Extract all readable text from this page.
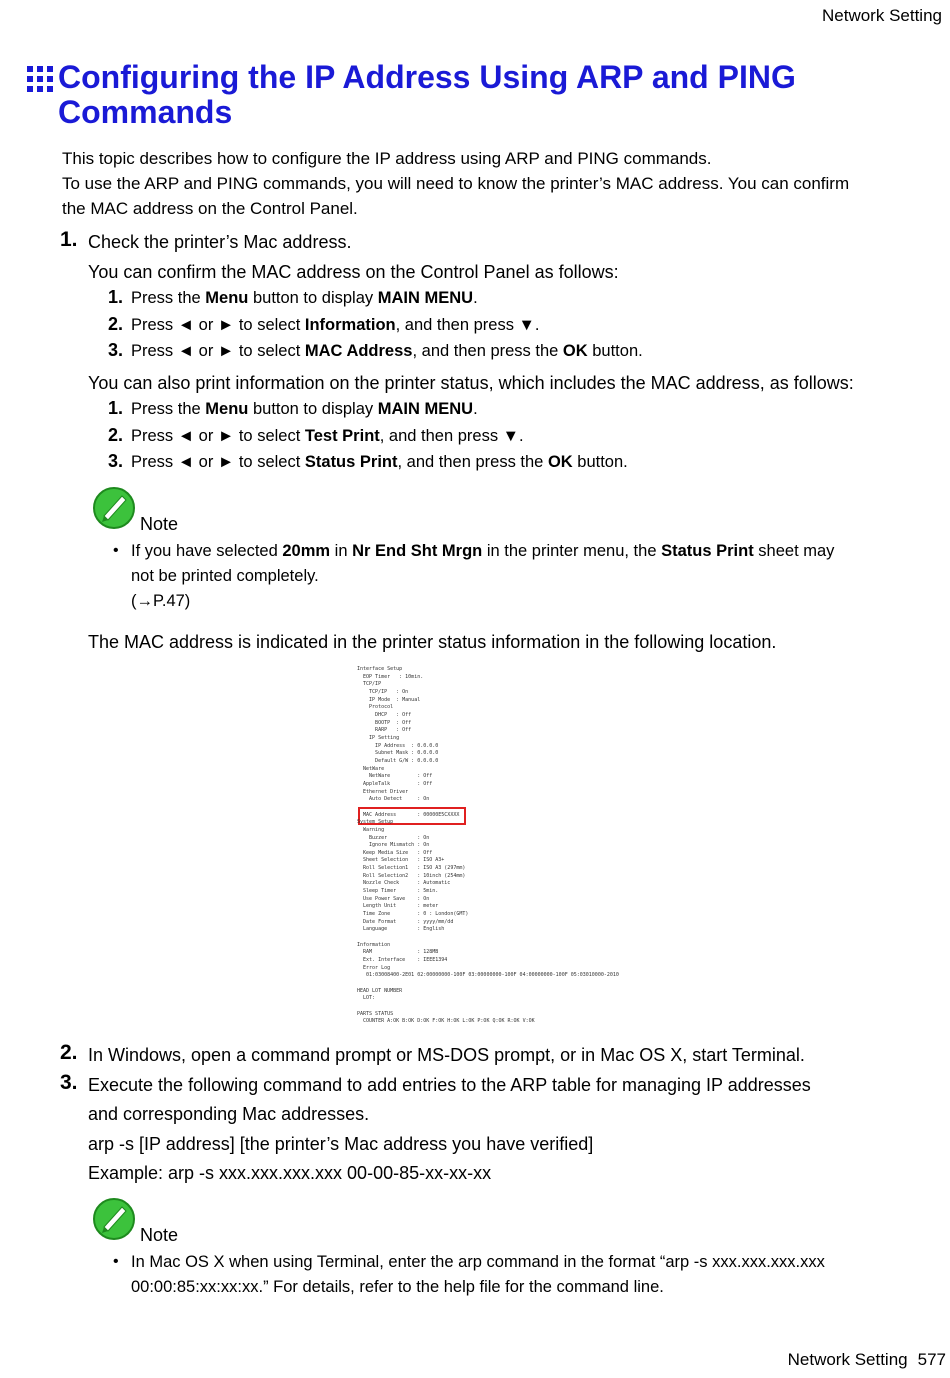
Network Setting
Configuring the IP Address Using ARP and PING
Commands
This topic describes how to configure the IP address using ARP and PING commands.
To use the ARP and PING commands, you will need to know the printer’s MAC address. You can confirm
the MAC address on the Control Panel.
1. Check the printer’s Mac address.
You can confirm the MAC address on the Control Panel as follows:
1. Press the Menu button to display MAIN MENU.
2. Press ◄ or ► to select Information, and then press ▼.
3. Press ◄ or ► to select MAC Address, and then press the OK button.
You can also print information on the printer status, which includes the MAC address, as follows:
1. Press the Menu button to display MAIN MENU.
2. Press ◄ or ► to select Test Print, and then press ▼.
3. Press ◄ or ► to select Status Print, and then press the OK button.
Note
• If you have selected 20mm in Nr End Sht Mrgn in the printer menu, the Status Print sheet may
not be printed completely.
(→P.47)
The MAC address is indicated in the printer status information in the following location.
Interface Setup
EOP Timer   : 10min.
TCP/IP
TCP/IP   : On
IP Mode  : Manual
Protocol
DHCP   : Off
BOOTP  : Off
RARP   : Off
IP Setting
IP Address  : 0.0.0.0
Subnet Mask : 0.0.0.0
Default G/W : 0.0.0.0
NetWare
NetWare         : Off
AppleTalk         : Off
Ethernet Driver
Auto Detect     : On
MAC Address       : 00000E5CXXXX
System Setup
Warning
Buzzer          : On
Ignore Mismatch : On
Keep Media Size   : Off
Sheet Selection   : ISO A3+
Roll Selection1   : ISO A3 (297mm)
Roll Selection2   : 10inch (254mm)
Nozzle Check      : Automatic
Sleep Timer       : 5min.
Use Power Save    : On
Length Unit       : meter
Time Zone         : 0 : London(GMT)
Date Format       : yyyy/mm/dd
Language          : English
Information
RAM               : 128MB
Ext. Interface    : IEEE1394
Error Log
01:03008400-2E01 02:00000000-100F 03:00000000-100F 04:00000000-100F 05:03010000-2010
HEAD LOT NUMBER
LOT:
PARTS STATUS
COUNTER A:OK B:OK D:OK F:OK H:OK L:OK P:OK Q:OK R:OK V:OK
2. In Windows, open a command prompt or MS-DOS prompt, or in Mac OS X, start Terminal.
3. Execute the following command to add entries to the ARP table for managing IP addresses
and corresponding Mac addresses.
arp -s [IP address] [the printer’s Mac address you have verified]
Example: arp -s xxx.xxx.xxx.xxx 00-00-85-xx-xx-xx
Note
• In Mac OS X when using Terminal, enter the arp command in the format “arp -s xxx.xxx.xxx.xxx
00:00:85:xx:xx:xx.” For details, refer to the help file for the command line.
Network Setting 577
